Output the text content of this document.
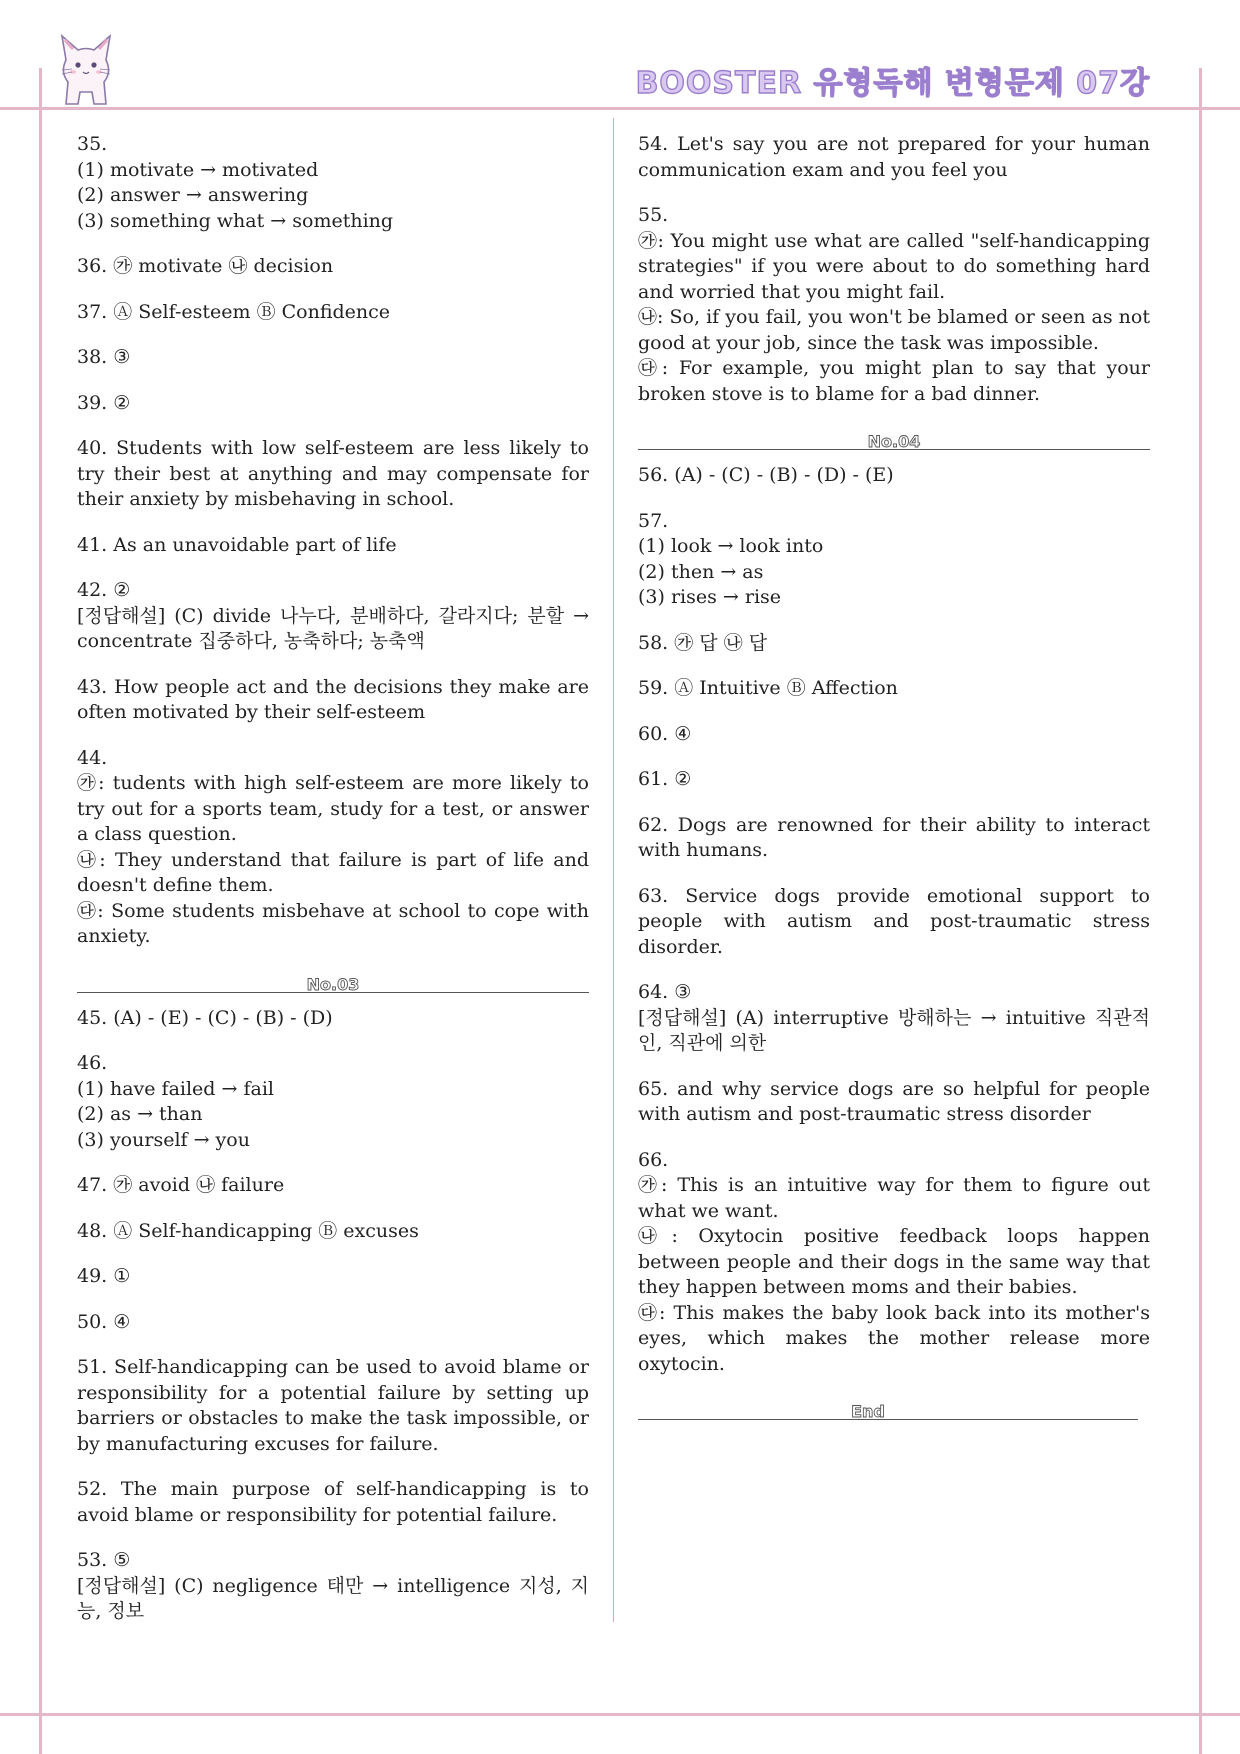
BOOSTER 유형독해 변형문제 07강
35.
(1) motivate → motivated
(2) answer → answering
(3) something what → something
36. ㉮ motivate ㉯ decision
37. Ⓐ Self-esteem Ⓑ Confidence
38. ③
39. ②
40. Students with low self-esteem are less likely to try their best at anything and may compensate for their anxiety by misbehaving in school.
41. As an unavoidable part of life
42. ②
[정답해설] (C) divide 나누다, 분배하다, 갈라지다; 분할 → concentrate 집중하다, 농축하다; 농축액
43. How people act and the decisions they make are often motivated by their self-esteem
44.
㉮: tudents with high self-esteem are more likely to try out for a sports team, study for a test, or answer a class question.
㉯: They understand that failure is part of life and doesn't define them.
㉰: Some students misbehave at school to cope with anxiety.
No.03
45. (A) - (E) - (C) - (B) - (D)
46.
(1) have failed → fail
(2) as → than
(3) yourself → you
47. ㉮ avoid ㉯ failure
48. Ⓐ Self-handicapping Ⓑ excuses
49. ①
50. ④
51. Self-handicapping can be used to avoid blame or responsibility for a potential failure by setting up barriers or obstacles to make the task impossible, or by manufacturing excuses for failure.
52. The main purpose of self-handicapping is to avoid blame or responsibility for potential failure.
53. ⑤
[정답해설] (C) negligence 태만 → intelligence 지성, 지능, 정보
54. Let's say you are not prepared for your human communication exam and you feel you
55.
㉮: You might use what are called "self-handicapping strategies" if you were about to do something hard and worried that you might fail.
㉯: So, if you fail, you won't be blamed or seen as not good at your job, since the task was impossible.
㉰: For example, you might plan to say that your broken stove is to blame for a bad dinner.
No.04
56. (A) - (C) - (B) - (D) - (E)
57.
(1) look → look into
(2) then → as
(3) rises → rise
58. ㉮ 답 ㉯ 답
59. Ⓐ Intuitive Ⓑ Affection
60. ④
61. ②
62. Dogs are renowned for their ability to interact with humans.
63. Service dogs provide emotional support to people with autism and post-traumatic stress disorder.
64. ③
[정답해설] (A) interruptive 방해하는 → intuitive 직관적인, 직관에 의한
65. and why service dogs are so helpful for people with autism and post-traumatic stress disorder
66.
㉮: This is an intuitive way for them to figure out what we want.
㉯: Oxytocin positive feedback loops happen between people and their dogs in the same way that they happen between moms and their babies.
㉰: This makes the baby look back into its mother's eyes, which makes the mother release more oxytocin.
End
